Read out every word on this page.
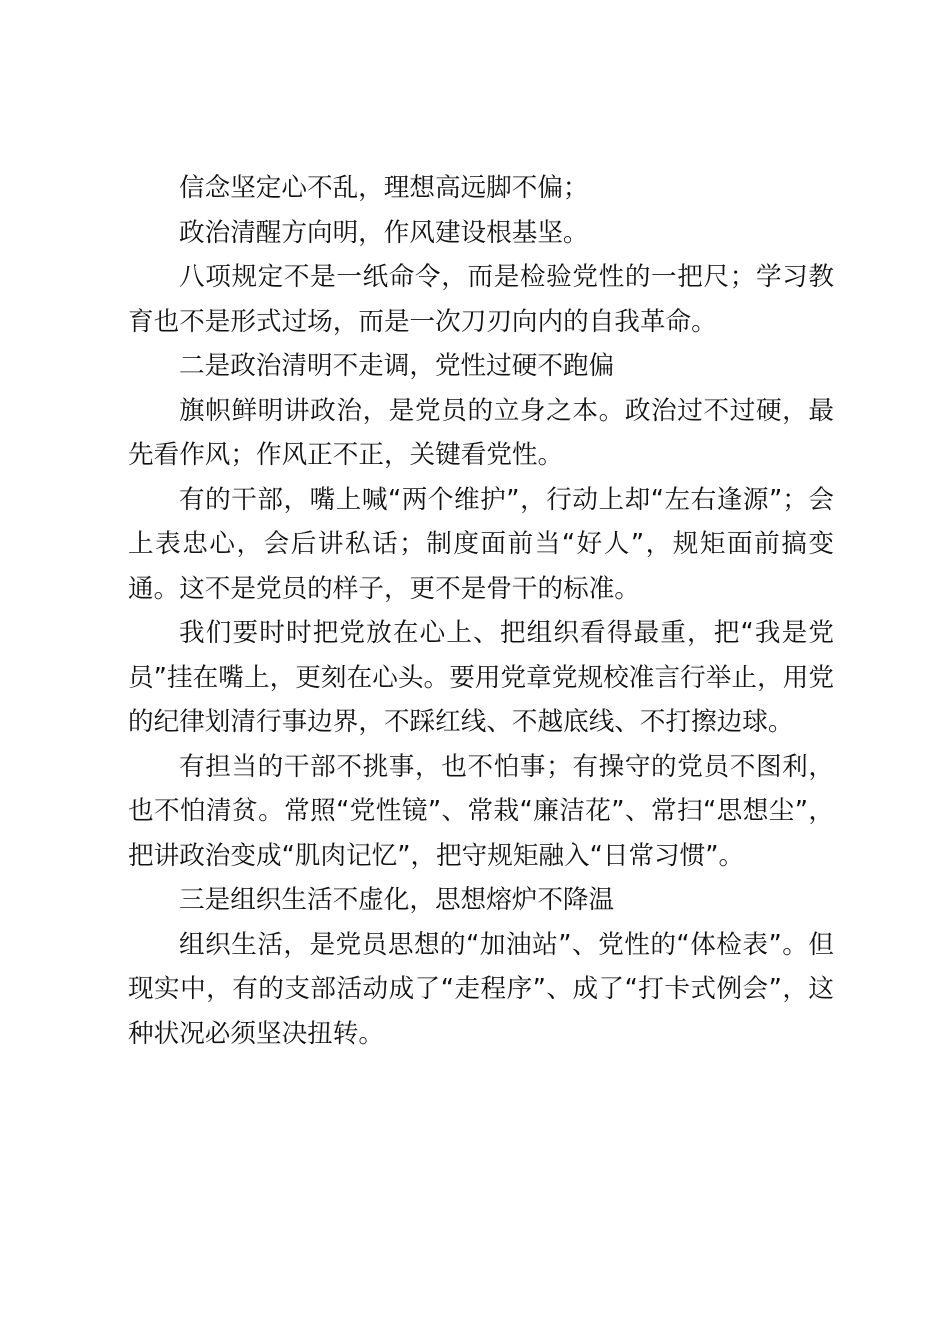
信念坚定心不乱，理想高远脚不偏；

政治清醒方向明，作风建设根基坚。

八项规定不是一纸命令，而是检验党性的一把尺；学习教育也不是形式过场，而是一次刀刃向内的自我革命。

二是政治清明不走调，党性过硬不跑偏

旗帜鲜明讲政治，是党员的立身之本。政治过不过硬，最先看作风；作风正不正，关键看党性。

有的干部，嘴上喊“两个维护”，行动上却“左右逢源”；会上表忠心，会后讲私话；制度面前当“好人”，规矩面前搞变通。这不是党员的样子，更不是骨干的标准。

我们要时时把党放在心上、把组织看得最重，把“我是党员”挂在嘴上，更刻在心头。要用党章党规校准言行举止，用党的纪律划清行事边界，不踩红线、不越底线、不打擦边球。

有担当的干部不挑事，也不怕事；有操守的党员不图利，也不怕清贫。常照“党性镜”、常栽“廉洁花”、常扫“思想尘”，把讲政治变成“肌肉记忆”，把守规矩融入“日常习惯”。

三是组织生活不虚化，思想熔炉不降温

组织生活，是党员思想的“加油站”、党性的“体检表”。但现实中，有的支部活动成了“走程序”、成了“打卡式例会”，这种状况必须坚决扭转。
